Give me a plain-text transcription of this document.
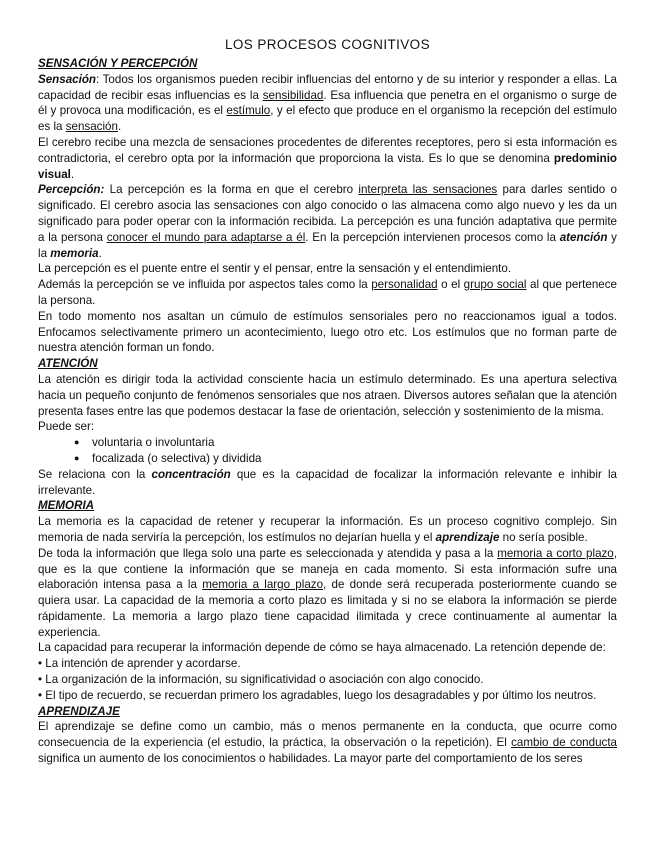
LOS PROCESOS COGNITIVOS
SENSACIÓN Y PERCEPCIÓN

Sensación: Todos los organismos pueden recibir influencias del entorno y de su interior y responder a ellas. La capacidad de recibir esas influencias es la sensibilidad. Esa influencia que penetra en el organismo o surge de él y provoca una modificación, es el estímulo, y el efecto que produce en el organismo la recepción del estímulo es la sensación.

El cerebro recibe una mezcla de sensaciones procedentes de diferentes receptores, pero si esta información es contradictoria, el cerebro opta por la información que proporciona la vista. Es lo que se denomina predominio visual.

Percepción: La percepción es la forma en que el cerebro interpreta las sensaciones para darles sentido o significado. El cerebro asocia las sensaciones con algo conocido o las almacena como algo nuevo y les da un significado para poder operar con la información recibida. La percepción es una función adaptativa que permite a la persona conocer el mundo para adaptarse a él. En la percepción intervienen procesos como la atención y la memoria.

La percepción es el puente entre el sentir y el pensar, entre la sensación y el entendimiento.

Además la percepción se ve influida por aspectos tales como la personalidad o el grupo social al que pertenece la persona.

En todo momento nos asaltan un cúmulo de estímulos sensoriales pero no reaccionamos igual a todos. Enfocamos selectivamente primero un acontecimiento, luego otro etc. Los estímulos que no forman parte de nuestra atención forman un fondo.

ATENCIÓN

La atención es dirigir toda la actividad consciente hacia un estímulo determinado. Es una apertura selectiva hacia un pequeño conjunto de fenómenos sensoriales que nos atraen. Diversos autores señalan que la atención presenta fases entre las que podemos destacar la fase de orientación, selección y sostenimiento de la misma.

Puede ser:

● voluntaria o involuntaria
● focalizada (o selectiva) y dividida

Se relaciona con la concentración que es la capacidad de focalizar la información relevante e inhibir la irrelevante.

MEMORIA

La memoria es la capacidad de retener y recuperar la información. Es un proceso cognitivo complejo. Sin memoria de nada serviría la percepción, los estímulos no dejarían huella y el aprendizaje no sería posible.

De toda la información que llega solo una parte es seleccionada y atendida y pasa a la memoria a corto plazo, que es la que contiene la información que se maneja en cada momento. Si esta información sufre una elaboración intensa pasa a la memoria a largo plazo, de donde será recuperada posteriormente cuando se quiera usar. La capacidad de la memoria a corto plazo es limitada y si no se elabora la información se pierde rápidamente. La memoria a largo plazo tiene capacidad ilimitada y crece continuamente al aumentar la experiencia.

La capacidad para recuperar la información depende de cómo se haya almacenado. La retención depende de:

• La intención de aprender y acordarse.

• La organización de la información, su significatividad o asociación con algo conocido.

• El tipo de recuerdo, se recuerdan primero los agradables, luego los desagradables y por último los neutros.

APRENDIZAJE

El aprendizaje se define como un cambio, más o menos permanente en la conducta, que ocurre como consecuencia de la experiencia (el estudio, la práctica, la observación o la repetición). El cambio de conducta significa un aumento de los conocimientos o habilidades. La mayor parte del comportamiento de los seres
